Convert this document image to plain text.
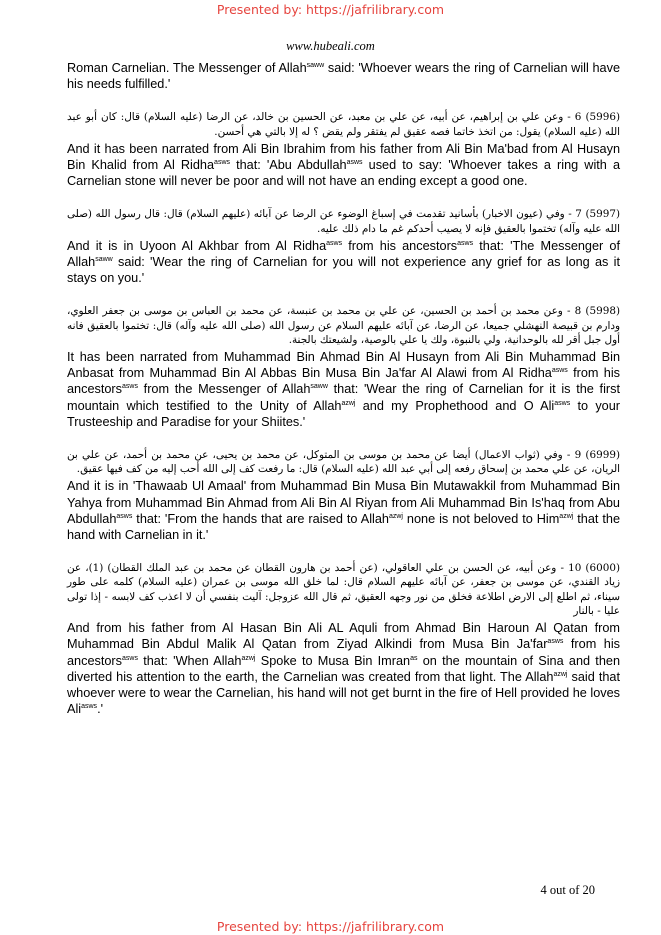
Presented by: https://jafrilibrary.com
www.hubeali.com

Roman Carnelian. The Messenger of Allah$^{saww}$ said: 'Whoever wears the ring of Carnelian will have his needs fulfilled.'

(5996) 6 - وعن علي بن إبراهيم، عن أبيه، عن علي بن معبد، عن الحسين بن خالد، عن الرضا (عليه السلام) قال: كان أبو عبد الله (عليه السلام) يقول: من اتخذ خاتما فصه عقيق لم يفتقر ولم يقض ؟ له إلا بالتي هي أحسن.

And it has been narrated from Ali Bin Ibrahim from his father from Ali Bin Ma'bad from Al Husayn Bin Khalid from Al Ridha$^{asws}$ that: 'Abu Abdullah$^{asws}$ used to say: 'Whoever takes a ring with a Carnelian stone will never be poor and will not have an ending except a good one.

(5997) 7 - وفي (عيون الاخبار) بأسانيد تقدمت في إسباغ الوضوء عن الرضا عن آبائه (عليهم السلام) قال: قال رسول الله (صلى الله عليه وآله) تختموا بالعقيق فإنه لا يصيب أحدكم غم ما دام ذلك عليه.

And it is in Uyoon Al Akhbar from Al Ridha$^{asws}$ from his ancestors$^{asws}$ that: 'The Messenger of Allah$^{saww}$ said: 'Wear the ring of Carnelian for you will not experience any grief for as long as it stays on you.'

(5998) 8 - وعن محمد بن أحمد بن الحسين، عن علي بن محمد بن عنبسة، عن محمد بن العباس بن موسى بن جعفر العلوي، ودارم بن قبيصة النهشلي جميعا، عن الرضا، عن آبائه عليهم السلام عن رسول الله (صلى الله عليه وآله) قال: تختموا بالعقيق فانه أول جبل أقر لله بالوحدانية، ولي بالنبوة، ولك يا علي بالوصية، ولشيعتك بالجنة.

It has been narrated from Muhammad Bin Ahmad Bin Al Husayn from Ali Bin Muhammad Bin Anbasat from Muhammad Bin Al Abbas Bin Musa Bin Ja'far Al Alawi from Al Ridha$^{asws}$ from his ancestors$^{asws}$ from the Messenger of Allah$^{saww}$ that: 'Wear the ring of Carnelian for it is the first mountain which testified to the Unity of Allah$^{azwj}$ and my Prophethood and O Ali$^{asws}$ to your Trusteeship and Paradise for your Shiites.'

(6999) 9 - وفي (ثواب الاعمال) أيضا عن محمد بن موسى بن المتوكل، عن محمد بن يحيى، عن محمد بن أحمد، عن علي بن الريان، عن علي محمد بن إسحاق رفعه إلى أبي عبد الله (عليه السلام) قال: ما رفعت كف إلى الله أحب إليه من كف فيها عقيق.

And it is in 'Thawaab Ul Amaal' from Muhammad Bin Musa Bin Mutawakkil from Muhammad Bin Yahya from Muhammad Bin Ahmad from Ali Bin Al Riyan from Ali Muhammad Bin Is'haq from Abu Abdullah$^{asws}$ that: 'From the hands that are raised to Allah$^{azwj}$ none is not beloved to Him$^{azwj}$ that the hand with Carnelian in it.'

(6000) 10 - وعن أبيه، عن الحسن بن علي العاقولي، (عن أحمد بن هارون القطان عن محمد بن عبد الملك القطان) (1)، عن زياد القندي، عن موسى بن جعفر، عن آبائه عليهم السلام قال: لما خلق الله موسى بن عمران (عليه السلام) كلمه على طور سيناء، ثم اطلع إلى الارض اطلاعة فخلق من نور وجهه العقيق، ثم قال الله عزوجل: آليت بنفسي أن لا اعذب كف لابسه - إذا تولى عليا - بالنار

And from his father from Al Hasan Bin Ali AL Aquli from Ahmad Bin Haroun Al Qatan from Muhammad Bin Abdul Malik Al Qatan from Ziyad Alkindi from Musa Bin Ja'far$^{asws}$ from his ancestors$^{asws}$ that: 'When Allah$^{azwj}$ Spoke to Musa Bin Imran$^{as}$ on the mountain of Sina and then diverted his attention to the earth, the Carnelian was created from that light. The Allah$^{azwj}$ said that whoever were to wear the Carnelian, his hand will not get burnt in the fire of Hell provided he loves Ali$^{asws}$.'

4 out of 20
Presented by: https://jafrilibrary.com
